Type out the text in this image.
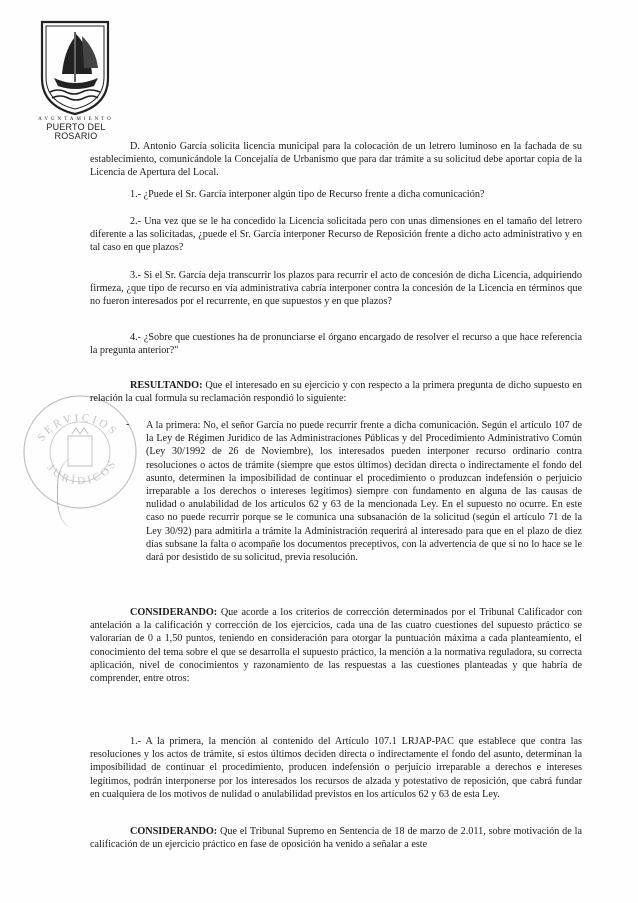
AYUNTAMIENTO
PUERTO DEL ROSARIO
SERVICIOS
JURÍDICOS
D. Antonio García solicita licencia municipal para la colocación de un letrero luminoso en la fachada de su establecimiento, comunicándole la Concejalía de Urbanismo que para dar trámite a su solicitud debe aportar copia de la Licencia de Apertura del Local.
1.- ¿Puede el Sr. García interponer algún tipo de Recurso frente a dicha comunicación?
2.- Una vez que se le ha concedido la Licencia solicitada pero con unas dimensiones en el tamaño del letrero diferente a las solicitadas, ¿puede el Sr. García interponer Recurso de Reposición frente a dicho acto administrativo y en tal caso en que plazos?
3.- Si el Sr. García deja transcurrir los plazos para recurrir el acto de concesión de dicha Licencia, adquiriendo firmeza, ¿que tipo de recurso en vía administrativa cabría interponer contra la concesión de la Licencia en términos que no fueron interesados por el recurrente, en que supuestos y en que plazos?
4.- ¿Sobre que cuestiones ha de pronunciarse el órgano encargado de resolver el recurso a que hace referencia la pregunta anterior?"
RESULTANDO: Que el interesado en su ejercicio y con respecto a la primera pregunta de dicho supuesto en relación la cual formula su reclamación respondió lo siguiente:
- A la primera: No, el señor García no puede recurrir frente a dicha comunicación. Según el artículo 107 de la Ley de Régimen Jurídico de las Administraciones Públicas y del Procedimiento Administrativo Común (Ley 30/1992 de 26 de Noviembre), los interesados pueden interponer recurso ordinario contra resoluciones o actos de trámite (siempre que estos últimos) decidan directa o indirectamente el fondo del asunto, determinen la imposibilidad de continuar el procedimiento o produzcan indefensión o perjuicio irreparable a los derechos o intereses legítimos) siempre con fundamento en alguna de las causas de nulidad o anulabilidad de los artículos 62 y 63 de la mencionada Ley. En el supuesto no ocurre. En este caso no puede recurrir porque se le comunica una subsanación de la solicitud (según el artículo 71 de la Ley 30/92) para admitirla a trámite la Administración requerirá al interesado para que en el plazo de diez días subsane la falta o acompañe los documentos preceptivos, con la advertencia de que si no lo hace se le dará por desistido de su solicitud, previa resolución.
CONSIDERANDO: Que acorde a los criterios de corrección determinados por el Tribunal Calificador con antelación a la calificación y corrección de los ejercicios, cada una de las cuatro cuestiones del supuesto práctico se valorarían de 0 a 1,50 puntos, teniendo en consideración para otorgar la puntuación máxima a cada planteamiento, el conocimiento del tema sobre el que se desarrolla el supuesto práctico, la mención a la normativa reguladora, su correcta aplicación, nivel de conocimientos y razonamiento de las respuestas a las cuestiones planteadas y que habría de comprender, entre otros:
1.- A la primera, la mención al contenido del Artículo 107.1 LRJAP-PAC que establece que contra las resoluciones y los actos de trámite, si estos últimos deciden directa o indirectamente el fondo del asunto, determinan la imposibilidad de continuar el procedimiento, producen indefensión o perjuicio irreparable a derechos e intereses legítimos, podrán interponerse por los interesados los recursos de alzada y potestativo de reposición, que cabrá fundar en cualquiera de los motivos de nulidad o anulabilidad previstos en los artículos 62 y 63 de esta Ley.
CONSIDERANDO: Que el Tribunal Supremo en Sentencia de 18 de marzo de 2.011, sobre motivación de la calificación de un ejercicio práctico en fase de oposición ha venido a señalar a este
